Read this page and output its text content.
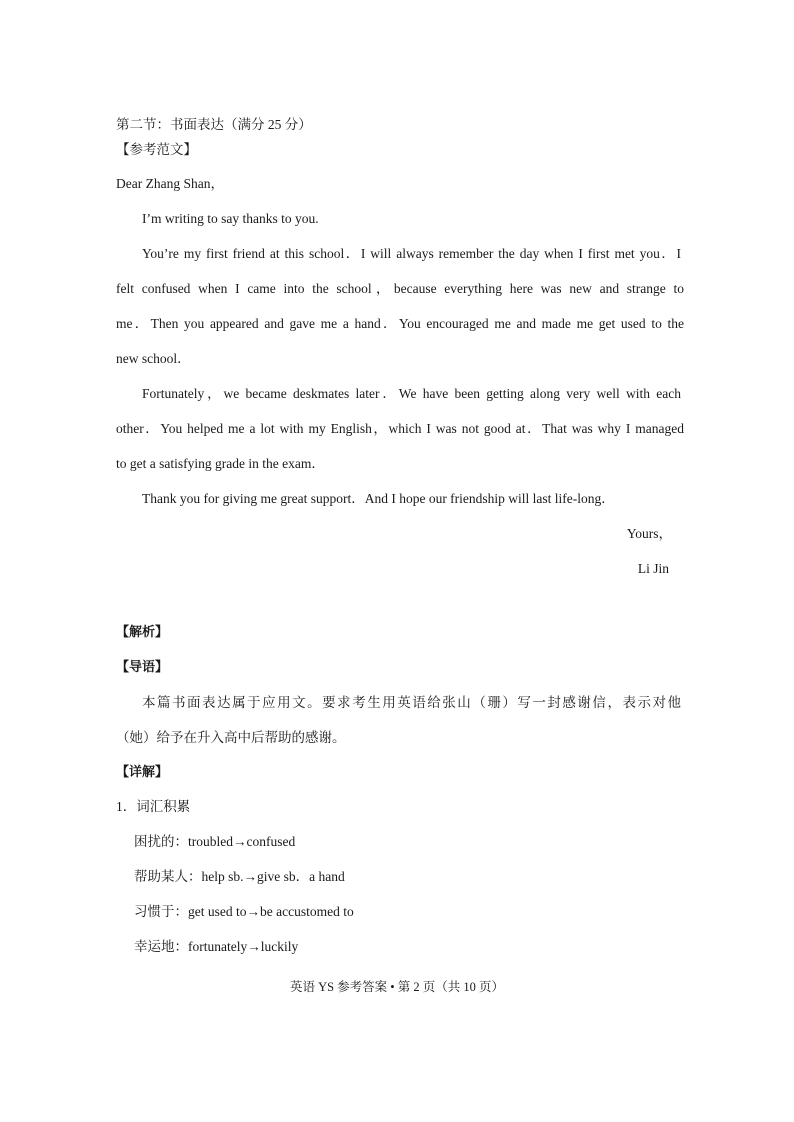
第二节：书面表达（满分 25 分）
【参考范文】
Dear Zhang Shan，
I’m writing to say thanks to you.
You’re my first friend at this school．I will always remember the day when I first met you．I
felt confused when I came into the school，because everything here was new and strange to
me．Then you appeared and gave me a hand．You encouraged me and made me get used to the
new school．
Fortunately，we became deskmates later．We have been getting along very well with each
other．You helped me a lot with my English，which I was not good at．That was why I managed
to get a satisfying grade in the exam．
Thank you for giving me great support．And I hope our friendship will last life-long．
Yours，
Li Jin
【解析】
【导语】
本篇书面表达属于应用文。要求考生用英语给张山（珊）写一封感谢信，表示对他
（她）给予在升入高中后帮助的感谢。
【详解】
1．词汇积累
困扰的：troubled→confused
帮助某人：help sb.→give sb．a hand
习惯于：get used to→be accustomed to
幸运地：fortunately→luckily
英语 YS 参考答案 • 第 2 页（共 10 页）
